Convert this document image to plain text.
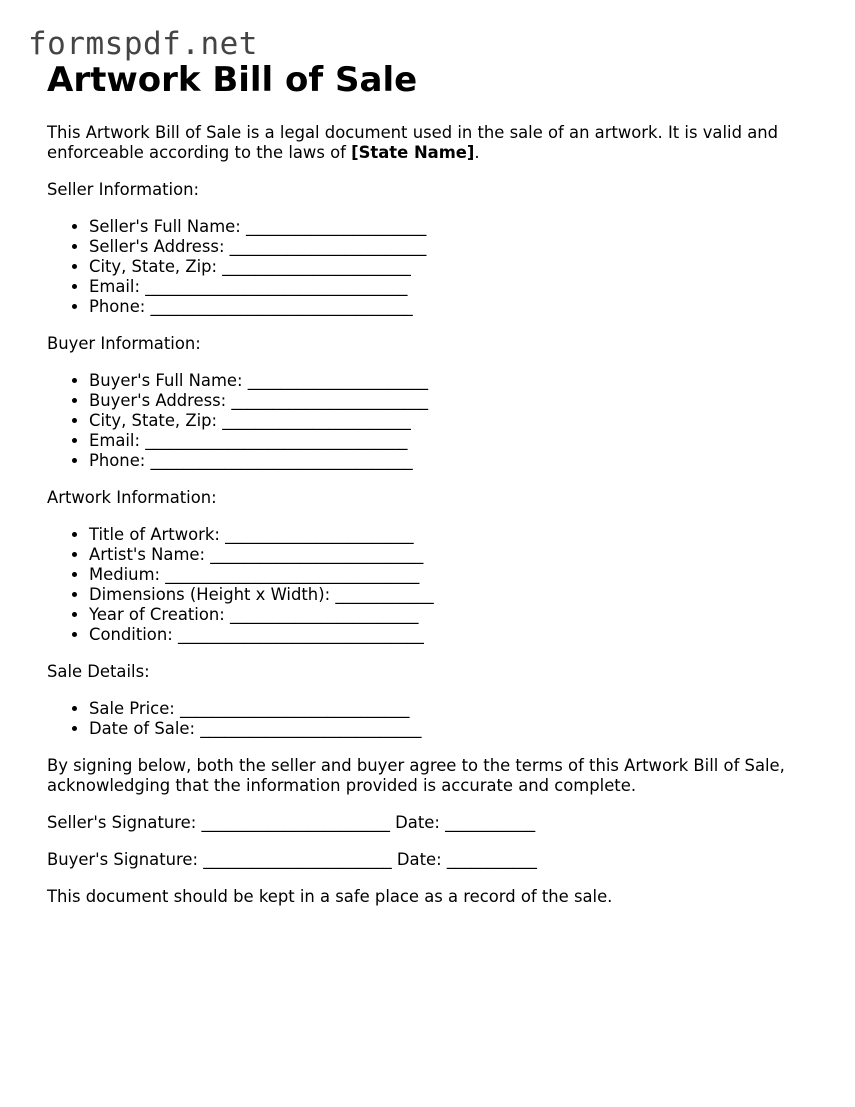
formspdf.net
Artwork Bill of Sale

This Artwork Bill of Sale is a legal document used in the sale of an artwork. It is valid and enforceable according to the laws of [State Name].

Seller Information:

• Seller's Full Name: ______________________
• Seller's Address: ________________________
• City, State, Zip: _______________________
• Email: ________________________________
• Phone: ________________________________

Buyer Information:

• Buyer's Full Name: ______________________
• Buyer's Address: ________________________
• City, State, Zip: _______________________
• Email: ________________________________
• Phone: ________________________________

Artwork Information:

• Title of Artwork: _______________________
• Artist's Name: __________________________
• Medium: _______________________________
• Dimensions (Height x Width): ____________
• Year of Creation: _______________________
• Condition: ______________________________

Sale Details:

• Sale Price: ____________________________
• Date of Sale: ___________________________

By signing below, both the seller and buyer agree to the terms of this Artwork Bill of Sale, acknowledging that the information provided is accurate and complete.

Seller's Signature: _______________________ Date: ___________

Buyer's Signature: _______________________ Date: ___________

This document should be kept in a safe place as a record of the sale.
